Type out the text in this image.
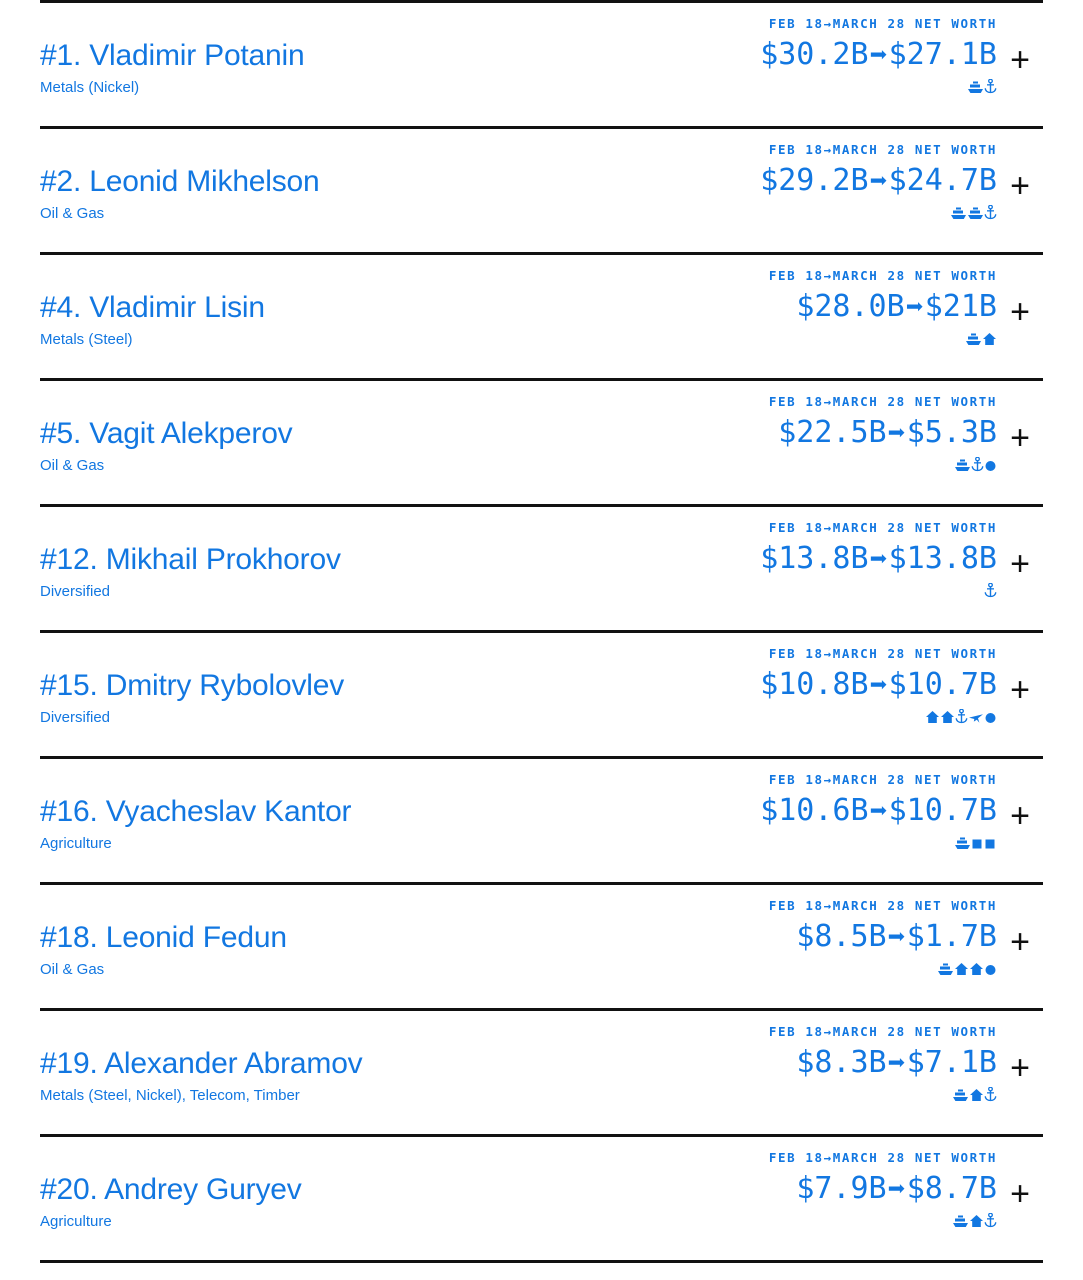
#1. Vladimir Potanin
Metals (Nickel)
FEB 18→MARCH 28 NET WORTH
$30.2B➡$27.1B +
#2. Leonid Mikhelson
Oil & Gas
FEB 18→MARCH 28 NET WORTH
$29.2B➡$24.7B +
#4. Vladimir Lisin
Metals (Steel)
FEB 18→MARCH 28 NET WORTH
$28.0B➡$21B +
#5. Vagit Alekperov
Oil & Gas
FEB 18→MARCH 28 NET WORTH
$22.5B➡$5.3B +
#12. Mikhail Prokhorov
Diversified
FEB 18→MARCH 28 NET WORTH
$13.8B➡$13.8B +
#15. Dmitry Rybolovlev
Diversified
FEB 18→MARCH 28 NET WORTH
$10.8B➡$10.7B +
#16. Vyacheslav Kantor
Agriculture
FEB 18→MARCH 28 NET WORTH
$10.6B➡$10.7B +
#18. Leonid Fedun
Oil & Gas
FEB 18→MARCH 28 NET WORTH
$8.5B➡$1.7B +
#19. Alexander Abramov
Metals (Steel, Nickel), Telecom, Timber
FEB 18→MARCH 28 NET WORTH
$8.3B➡$7.1B +
#20. Andrey Guryev
Agriculture
FEB 18→MARCH 28 NET WORTH
$7.9B➡$8.7B +
